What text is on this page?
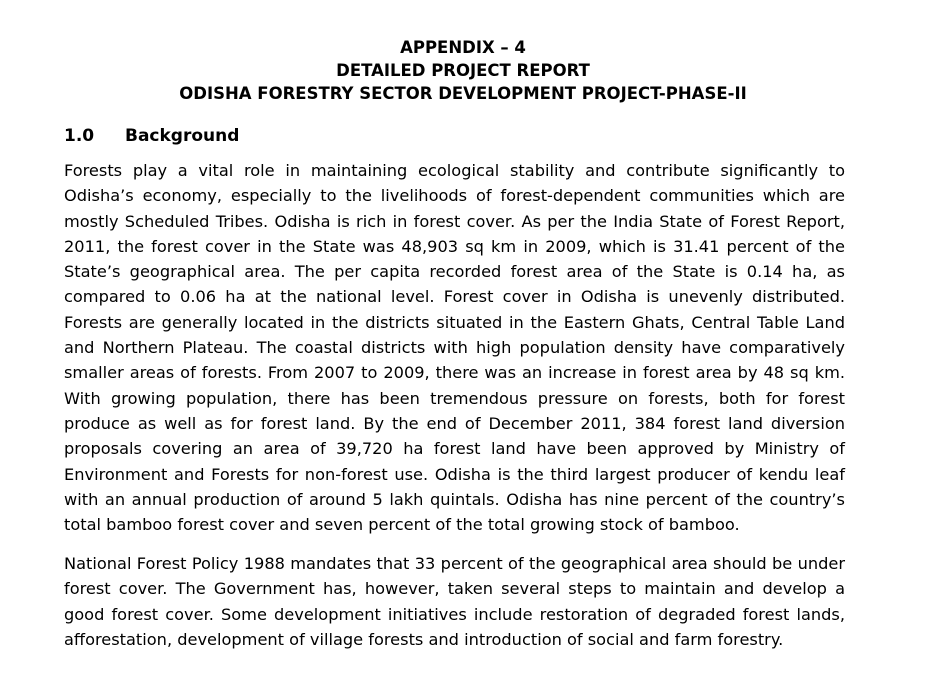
APPENDIX – 4
DETAILED PROJECT REPORT
ODISHA FORESTRY SECTOR DEVELOPMENT PROJECT-PHASE-II
1.0 Background

Forests play a vital role in maintaining ecological stability and contribute significantly to Odisha’s economy, especially to the livelihoods of forest-dependent communities which are mostly Scheduled Tribes. Odisha is rich in forest cover. As per the India State of Forest Report, 2011, the forest cover in the State was 48,903 sq km in 2009, which is 31.41 percent of the State’s geographical area. The per capita recorded forest area of the State is 0.14 ha, as compared to 0.06 ha at the national level. Forest cover in Odisha is unevenly distributed. Forests are generally located in the districts situated in the Eastern Ghats, Central Table Land and Northern Plateau. The coastal districts with high population density have comparatively smaller areas of forests. From 2007 to 2009, there was an increase in forest area by 48 sq km. With growing population, there has been tremendous pressure on forests, both for forest produce as well as for forest land. By the end of December 2011, 384 forest land diversion proposals covering an area of 39,720 ha forest land have been approved by Ministry of Environment and Forests for non-forest use. Odisha is the third largest producer of kendu leaf with an annual production of around 5 lakh quintals. Odisha has nine percent of the country’s total bamboo forest cover and seven percent of the total growing stock of bamboo.

National Forest Policy 1988 mandates that 33 percent of the geographical area should be under forest cover. The Government has, however, taken several steps to maintain and develop a good forest cover. Some development initiatives include restoration of degraded forest lands, afforestation, development of village forests and introduction of social and farm forestry.
